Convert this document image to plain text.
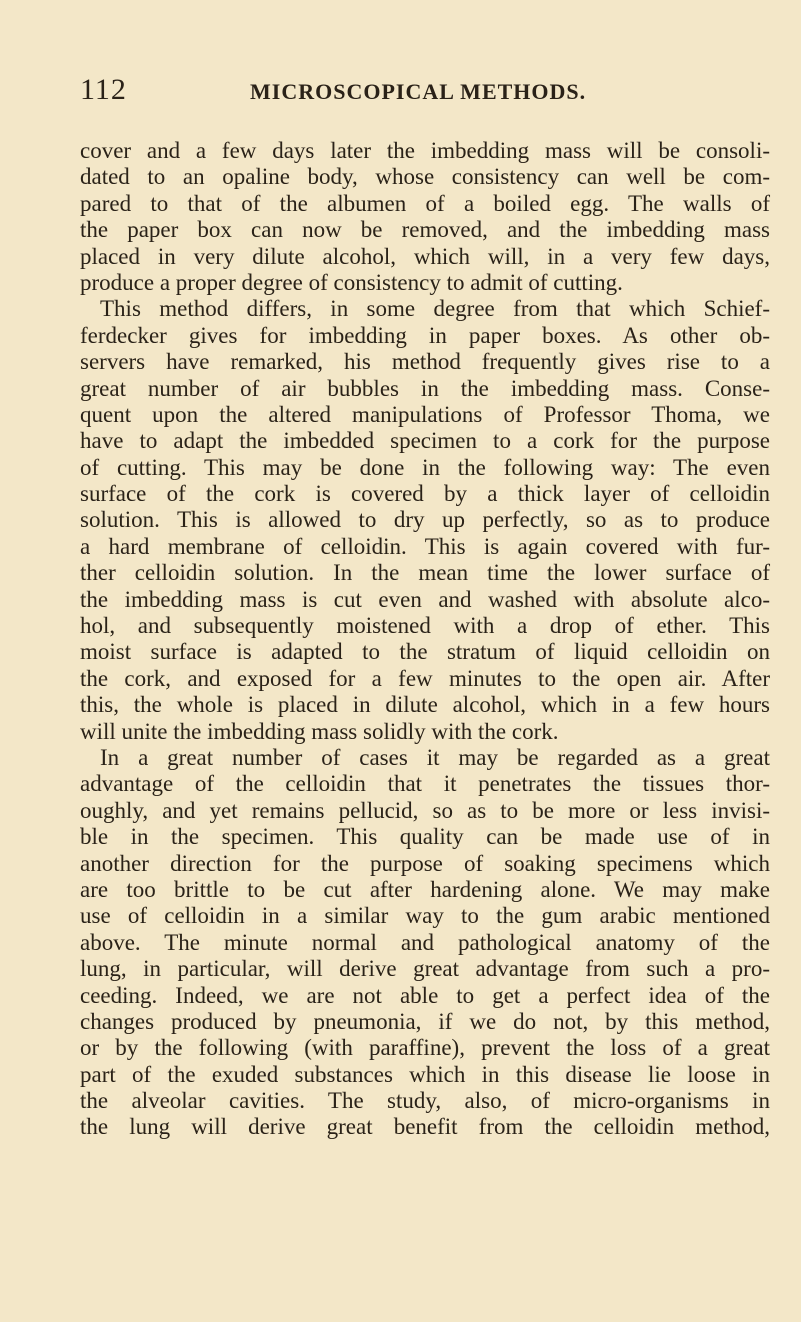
112	MICROSCOPICAL METHODS.
cover and a few days later the imbedding mass will be consoli-
dated to an opaline body, whose consistency can well be com-
pared to that of the albumen of a boiled egg. The walls of
the paper box can now be removed, and the imbedding mass
placed in very dilute alcohol, which will, in a very few days,
produce a proper degree of consistency to admit of cutting.
This method differs, in some degree from that which Schief-
ferdecker gives for imbedding in paper boxes. As other ob-
servers have remarked, his method frequently gives rise to a
great number of air bubbles in the imbedding mass. Conse-
quent upon the altered manipulations of Professor Thoma, we
have to adapt the imbedded specimen to a cork for the purpose
of cutting. This may be done in the following way: The even
surface of the cork is covered by a thick layer of celloidin
solution. This is allowed to dry up perfectly, so as to produce
a hard membrane of celloidin. This is again covered with fur-
ther celloidin solution. In the mean time the lower surface of
the imbedding mass is cut even and washed with absolute alco-
hol, and subsequently moistened with a drop of ether. This
moist surface is adapted to the stratum of liquid celloidin on
the cork, and exposed for a few minutes to the open air. After
this, the whole is placed in dilute alcohol, which in a few hours
will unite the imbedding mass solidly with the cork.
In a great number of cases it may be regarded as a great
advantage of the celloidin that it penetrates the tissues thor-
oughly, and yet remains pellucid, so as to be more or less invisi-
ble in the specimen. This quality can be made use of in
another direction for the purpose of soaking specimens which
are too brittle to be cut after hardening alone. We may make
use of celloidin in a similar way to the gum arabic mentioned
above. The minute normal and pathological anatomy of the
lung, in particular, will derive great advantage from such a pro-
ceeding. Indeed, we are not able to get a perfect idea of the
changes produced by pneumonia, if we do not, by this method,
or by the following (with paraffine), prevent the loss of a great
part of the exuded substances which in this disease lie loose in
the alveolar cavities. The study, also, of micro-organisms in
the lung will derive great benefit from the celloidin method,
